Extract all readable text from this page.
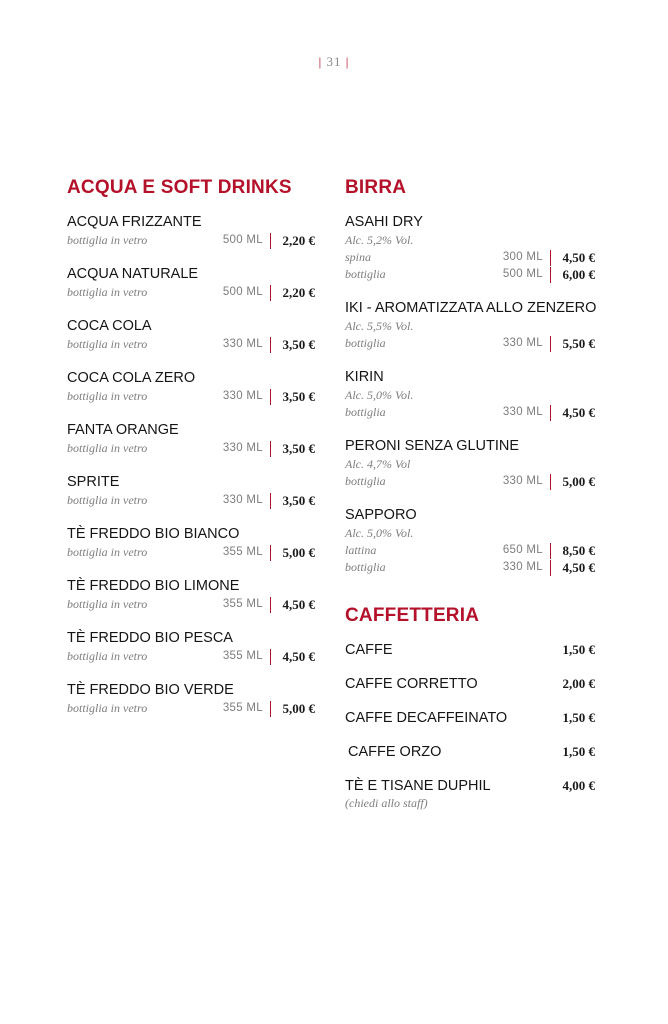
| 31 |
ACQUA E SOFT DRINKS
ACQUA FRIZZANTE
bottiglia in vetro	500 ML 2,20 €
ACQUA NATURALE
bottiglia in vetro	500 ML 2,20 €
COCA COLA
bottiglia in vetro	330 ML 3,50 €
COCA COLA ZERO
bottiglia in vetro	330 ML 3,50 €
FANTA ORANGE
bottiglia in vetro	330 ML 3,50 €
SPRITE
bottiglia in vetro	330 ML 3,50 €
TÈ FREDDO BIO BIANCO
bottiglia in vetro	355 ML 5,00 €
TÈ FREDDO BIO LIMONE
bottiglia in vetro	355 ML 4,50 €
TÈ FREDDO BIO PESCA
bottiglia in vetro	355 ML 4,50 €
TÈ FREDDO BIO VERDE
bottiglia in vetro	355 ML 5,00 €
BIRRA
ASAHI DRY
Alc. 5,2% Vol.
spina	300 ML 4,50 €
bottiglia	500 ML 6,00 €
IKI - AROMATIZZATA ALLO ZENZERO
Alc. 5,5% Vol.
bottiglia	330 ML 5,50 €
KIRIN
Alc. 5,0% Vol.
bottiglia	330 ML 4,50 €
PERONI SENZA GLUTINE
Alc. 4,7% Vol
bottiglia	330 ML 5,00 €
SAPPORO
Alc. 5,0% Vol.
lattina	650 ML 8,50 €
bottiglia	330 ML 4,50 €
CAFFETTERIA
CAFFE	1,50 €
CAFFE CORRETTO	2,00 €
CAFFE DECAFFEINATO	1,50 €
CAFFE ORZO	1,50 €
TÈ E TISANE DUPHIL	4,00 €
(chiedi allo staff)
